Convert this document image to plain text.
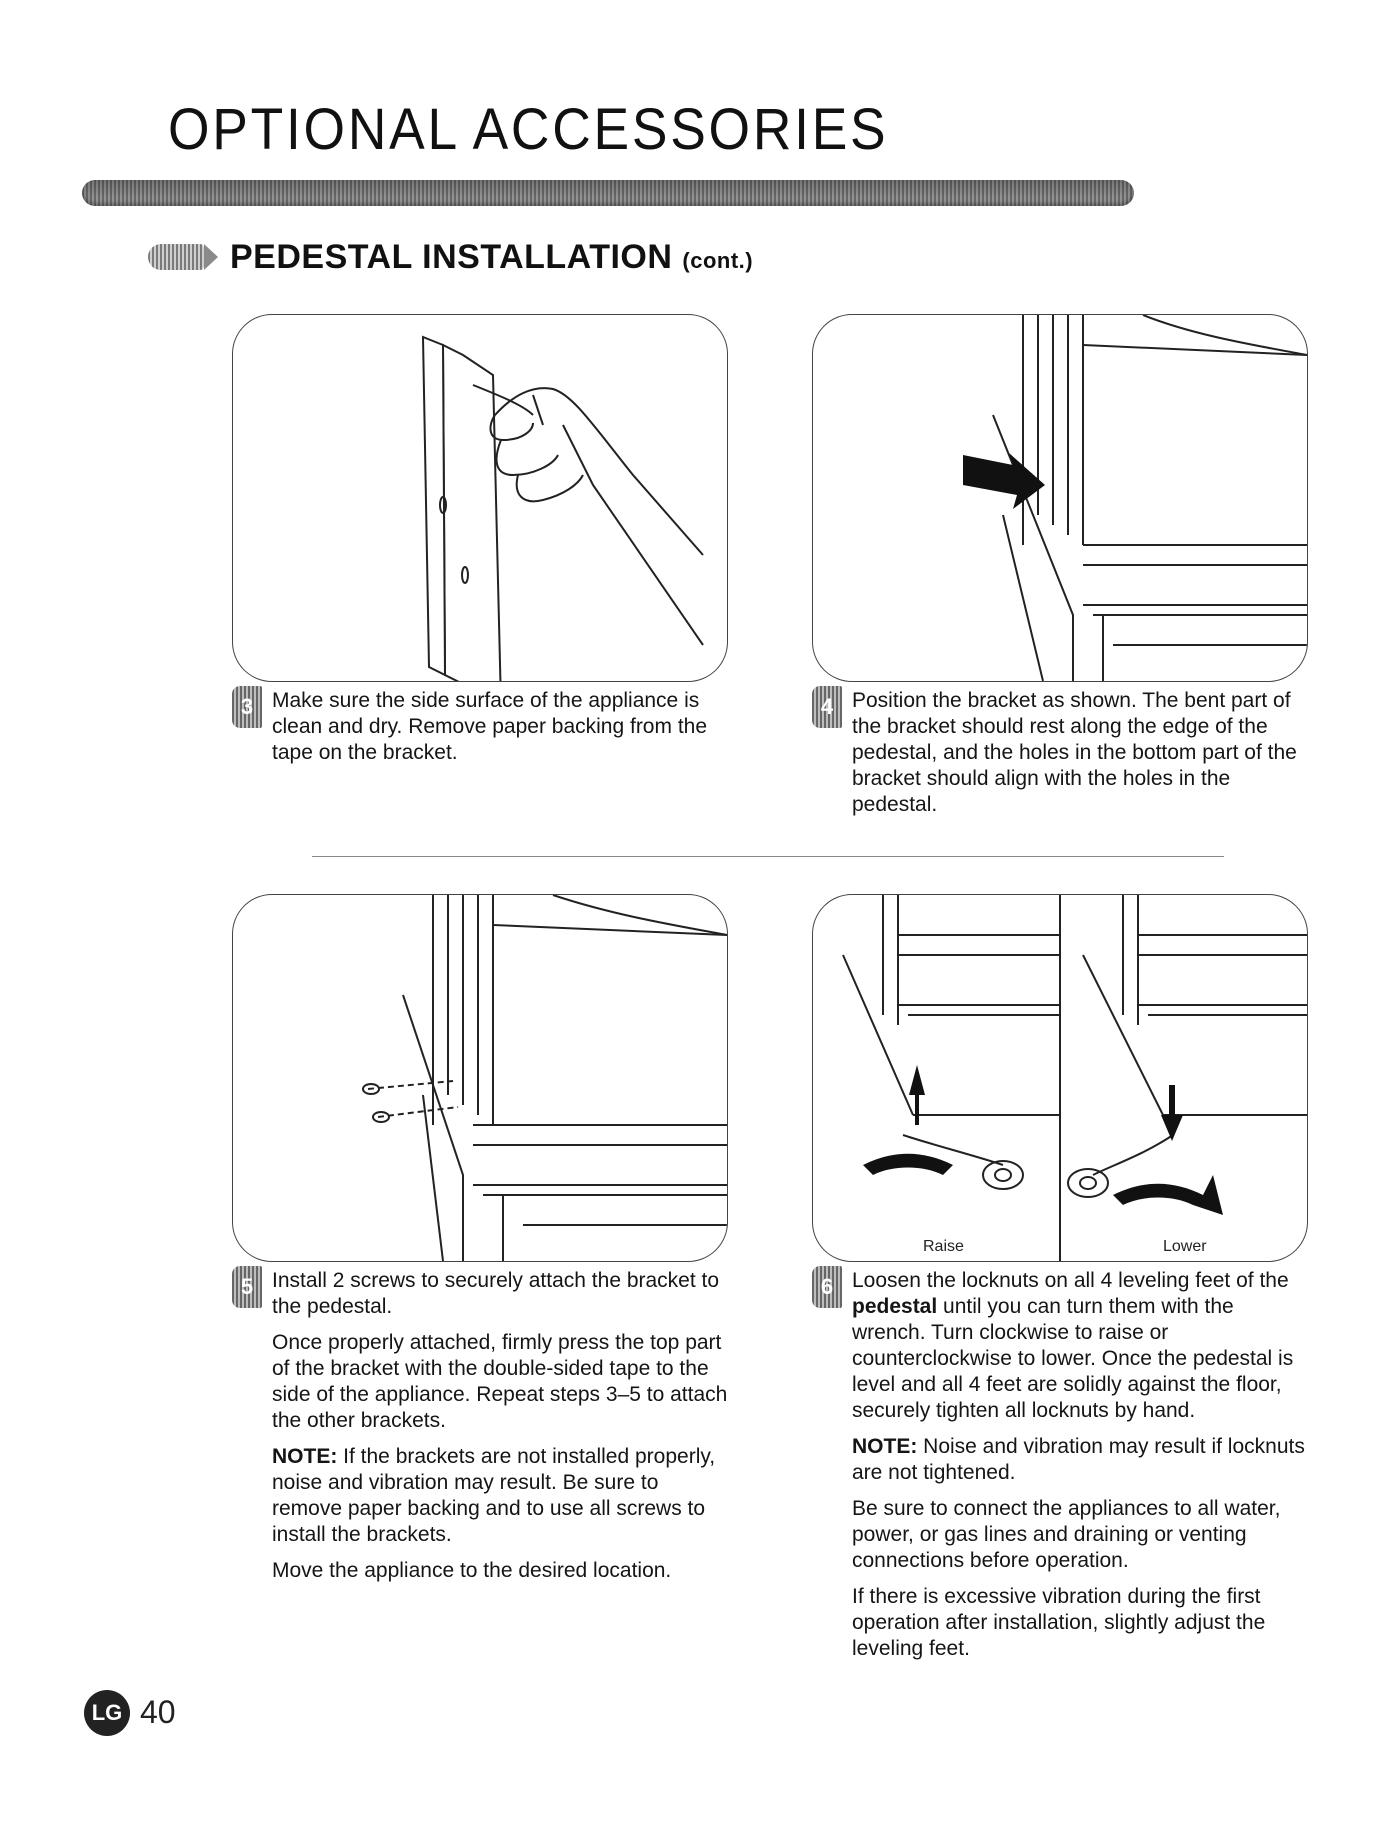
OPTIONAL ACCESSORIES
PEDESTAL INSTALLATION (cont.)
3 Make sure the side surface of the appliance is clean and dry. Remove paper backing from the tape on the bracket.

4 Position the bracket as shown. The bent part of the bracket should rest along the edge of the pedestal, and the holes in the bottom part of the bracket should align with the holes in the pedestal.

Raise	Lower
5 Install 2 screws to securely attach the bracket to the pedestal.

Once properly attached, firmly press the top part of the bracket with the double-sided tape to the side of the appliance. Repeat steps 3–5 to attach the other brackets.

NOTE: If the brackets are not installed properly, noise and vibration may result. Be sure to remove paper backing and to use all screws to install the brackets.

Move the appliance to the desired location.

6 Loosen the locknuts on all 4 leveling feet of the pedestal until you can turn them with the wrench. Turn clockwise to raise or counterclockwise to lower. Once the pedestal is level and all 4 feet are solidly against the floor, securely tighten all locknuts by hand.

NOTE: Noise and vibration may result if locknuts are not tightened.

Be sure to connect the appliances to all water, power, or gas lines and draining or venting connections before operation.

If there is excessive vibration during the first operation after installation, slightly adjust the leveling feet.

LG 40
